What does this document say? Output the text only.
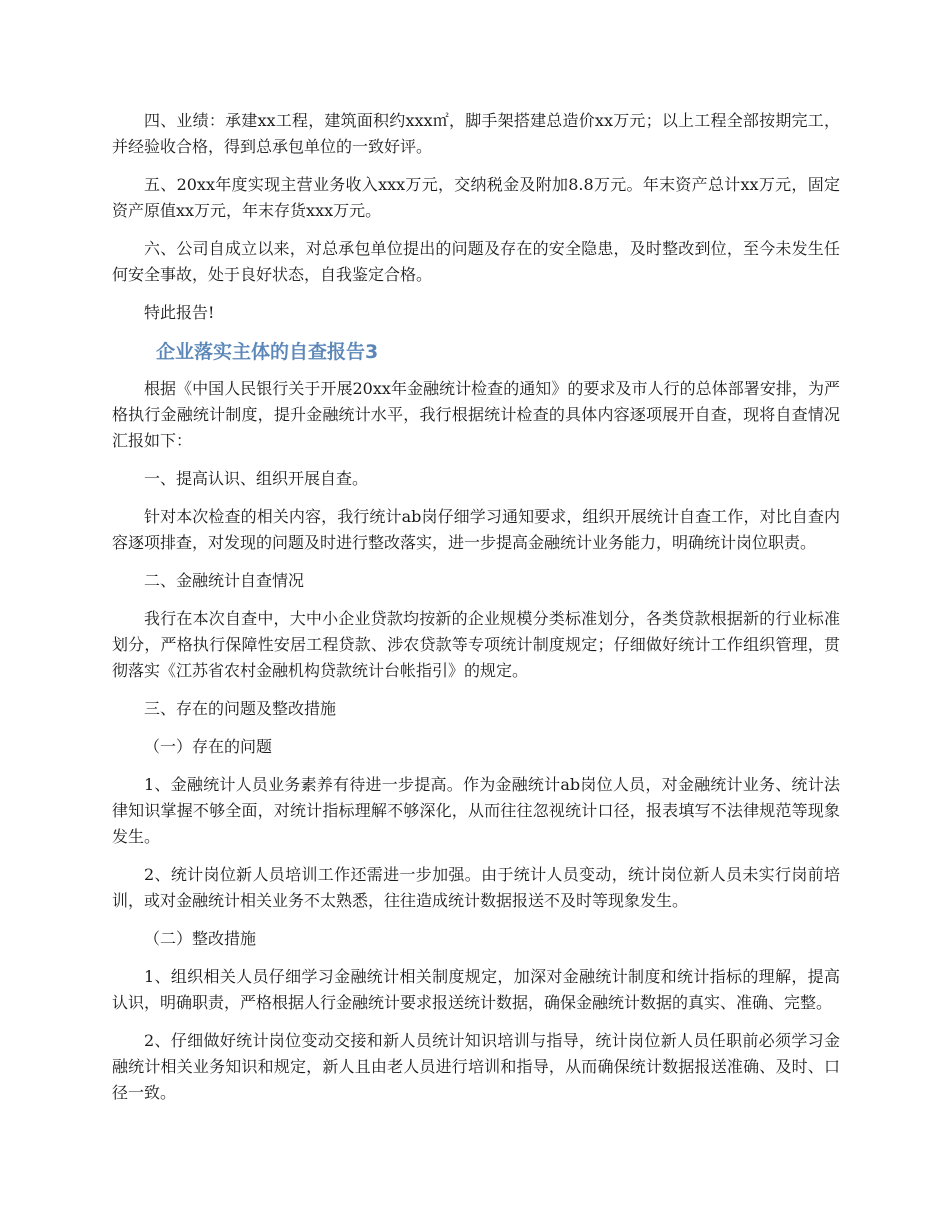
四、业绩：承建xx工程，建筑面积约xxx㎡，脚手架搭建总造价xx万元；以上工程全部按期完工，并经验收合格，得到总承包单位的一致好评。

五、20xx年度实现主营业务收入xxx万元，交纳税金及附加8.8万元。年末资产总计xx万元，固定资产原值xx万元，年末存货xxx万元。

六、公司自成立以来，对总承包单位提出的问题及存在的安全隐患，及时整改到位，至今未发生任何安全事故，处于良好状态，自我鉴定合格。

特此报告!

企业落实主体的自查报告3

根据《中国人民银行关于开展20xx年金融统计检查的通知》的要求及市人行的总体部署安排，为严格执行金融统计制度，提升金融统计水平，我行根据统计检查的具体内容逐项展开自查，现将自查情况汇报如下：

一、提高认识、组织开展自查。

针对本次检查的相关内容，我行统计ab岗仔细学习通知要求，组织开展统计自查工作，对比自查内容逐项排查，对发现的问题及时进行整改落实，进一步提高金融统计业务能力，明确统计岗位职责。

二、金融统计自查情况

我行在本次自查中，大中小企业贷款均按新的企业规模分类标准划分，各类贷款根据新的行业标准划分，严格执行保障性安居工程贷款、涉农贷款等专项统计制度规定；仔细做好统计工作组织管理，贯彻落实《江苏省农村金融机构贷款统计台帐指引》的规定。

三、存在的问题及整改措施

（一）存在的问题

1、金融统计人员业务素养有待进一步提高。作为金融统计ab岗位人员，对金融统计业务、统计法律知识掌握不够全面，对统计指标理解不够深化，从而往往忽视统计口径，报表填写不法律规范等现象发生。

2、统计岗位新人员培训工作还需进一步加强。由于统计人员变动，统计岗位新人员未实行岗前培训，或对金融统计相关业务不太熟悉，往往造成统计数据报送不及时等现象发生。

（二）整改措施

1、组织相关人员仔细学习金融统计相关制度规定，加深对金融统计制度和统计指标的理解，提高认识，明确职责，严格根据人行金融统计要求报送统计数据，确保金融统计数据的真实、准确、完整。

2、仔细做好统计岗位变动交接和新人员统计知识培训与指导，统计岗位新人员任职前必须学习金融统计相关业务知识和规定，新人且由老人员进行培训和指导，从而确保统计数据报送准确、及时、口径一致。
